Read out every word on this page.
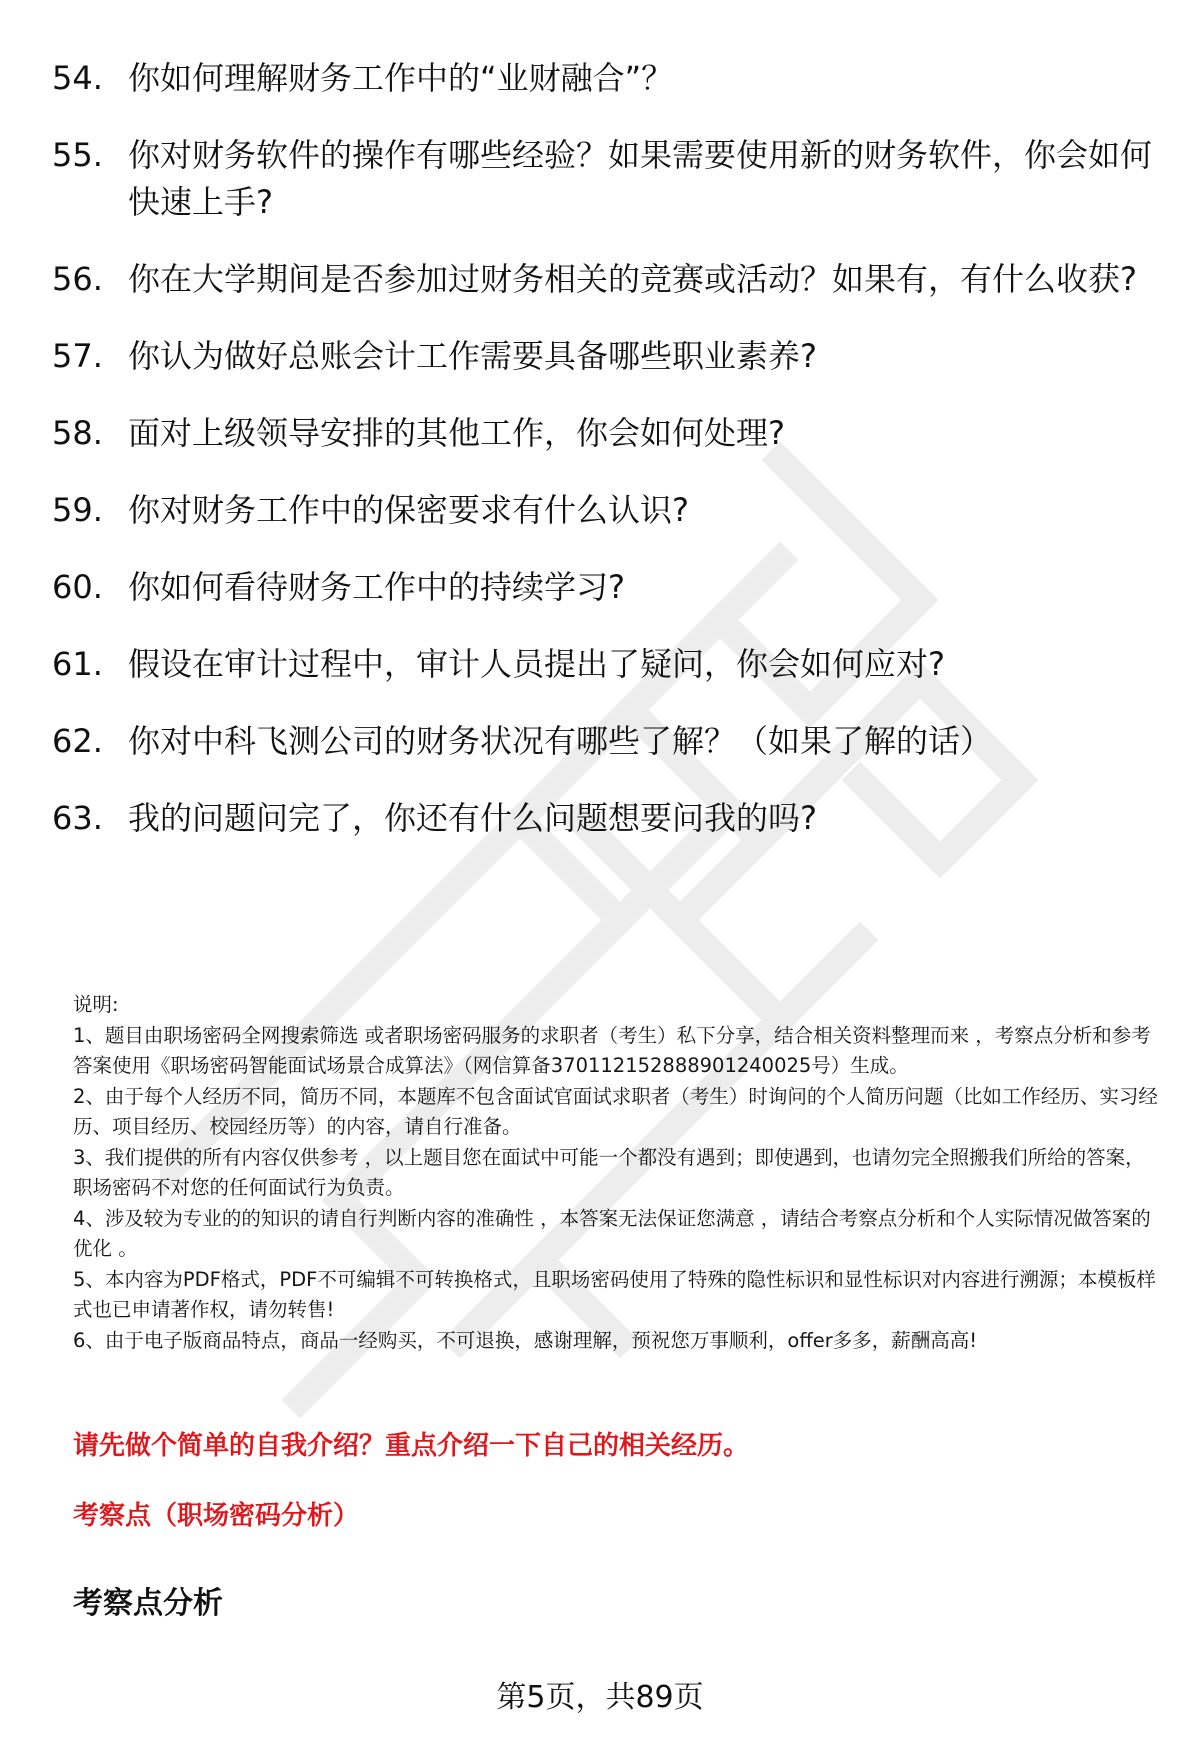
54. 你如何理解财务工作中的“业财融合”？
55. 你对财务软件的操作有哪些经验？如果需要使用新的财务软件，你会如何快速上手?
56. 你在大学期间是否参加过财务相关的竞赛或活动？如果有，有什么收获?
57. 你认为做好总账会计工作需要具备哪些职业素养?
58. 面对上级领导安排的其他工作，你会如何处理?
59. 你对财务工作中的保密要求有什么认识?
60. 你如何看待财务工作中的持续学习?
61. 假设在审计过程中，审计人员提出了疑问，你会如何应对?
62. 你对中科飞测公司的财务状况有哪些了解？（如果了解的话）
63. 我的问题问完了，你还有什么问题想要问我的吗?

说明:

1、题目由职场密码全网搜索筛选 或者职场密码服务的求职者（考生）私下分享，结合相关资料整理而来 ，考察点分析和参考答案使用《职场密码智能面试场景合成算法》（网信算备370112152888901240025号）生成。

2、由于每个人经历不同，简历不同，本题库不包含面试官面试求职者（考生）时询问的个人简历问题（比如工作经历、实习经历、项目经历、校园经历等）的内容，请自行准备。

3、我们提供的所有内容仅供参考 ，以上题目您在面试中可能一个都没有遇到；即使遇到，也请勿完全照搬我们所给的答案，职场密码不对您的任何面试行为负责。

4、涉及较为专业的的知识的请自行判断内容的准确性 ，本答案无法保证您满意 ，请结合考察点分析和个人实际情况做答案的优化 。

5、本内容为PDF格式，PDF不可编辑不可转换格式，且职场密码使用了特殊的隐性标识和显性标识对内容进行溯源；本模板样式也已申请著作权，请勿转售!

6、由于电子版商品特点，商品一经购买，不可退换，感谢理解，预祝您万事顺利，offer多多，薪酬高高!

请先做个简单的自我介绍？重点介绍一下自己的相关经历。
考察点（职场密码分析）
考察点分析
第5页，共89页
